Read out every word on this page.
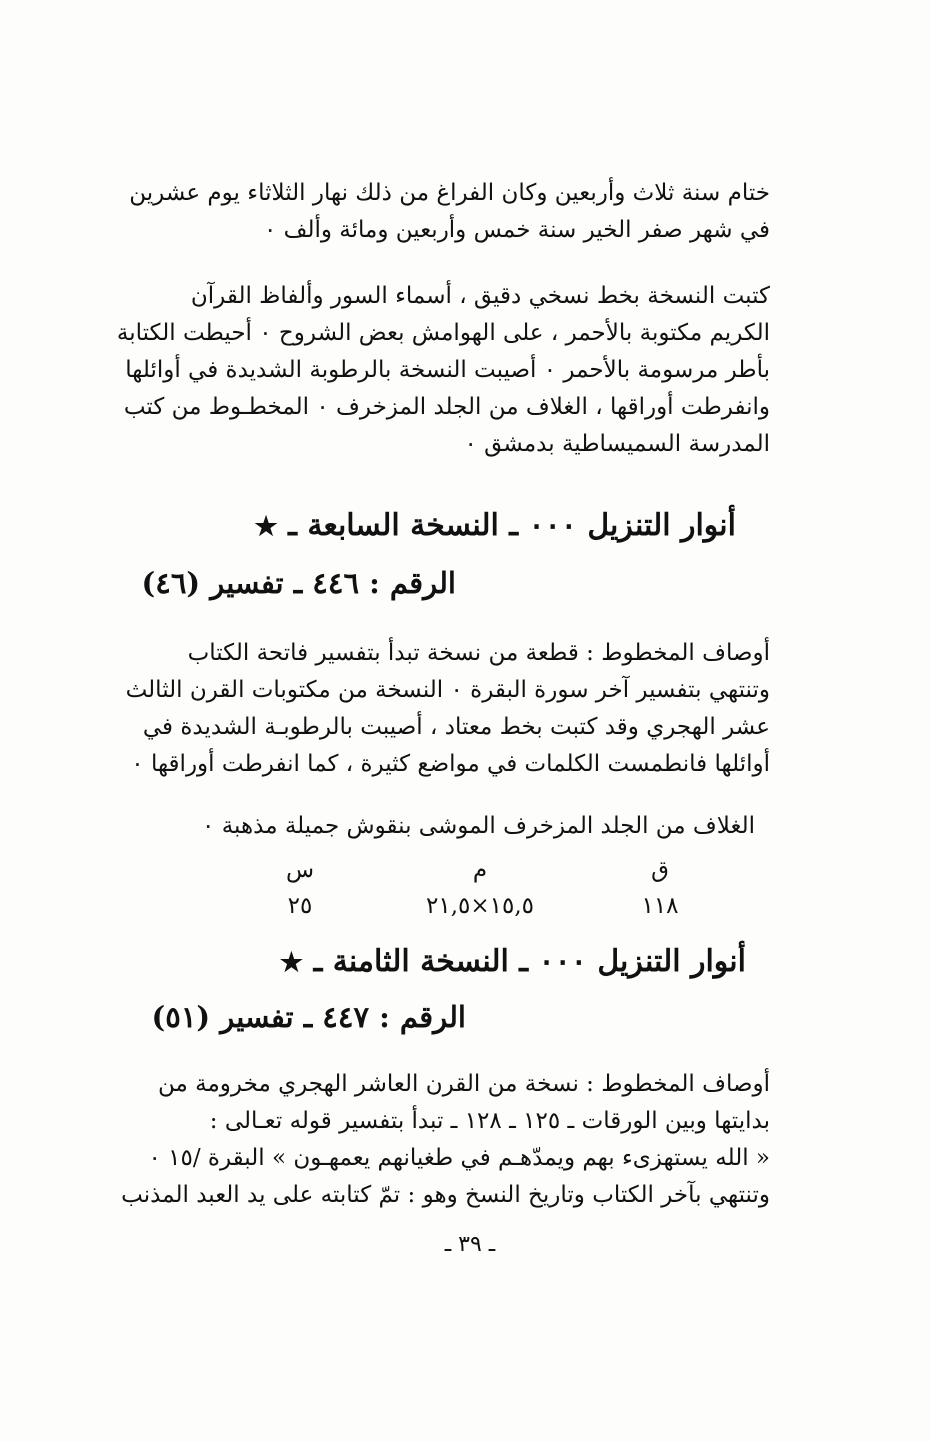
ختام سنة ثلاث وأربعين وكان الفراغ من ذلك نهار الثلاثاء يوم عشرين
في شهر صفر الخير سنة خمس وأربعين ومائة وألف ٠
كتبت النسخة بخط نسخي دقيق ، أسماء السور وألفاظ القرآن
الكريم مكتوبة بالأحمر ، على الهوامش بعض الشروح ٠ أحيطت الكتابة
بأطر مرسومة بالأحمر ٠ أصيبت النسخة بالرطوبة الشديدة في أوائلها
وانفرطت أوراقها ، الغلاف من الجلد المزخرف ٠ المخطـوط من كتب
المدرسة السميساطية بدمشق ٠
أنوار التنزيل ٠٠٠ ـ النسخة السابعة ـ ★
الرقم : ٤٤٦ ـ تفسير (٤٦)
أوصاف المخطوط : قطعة من نسخة تبدأ بتفسير فاتحة الكتاب
وتنتهي بتفسير آخر سورة البقرة ٠ النسخة من مكتوبات القرن الثالث
عشر الهجري وقد كتبت بخط معتاد ، أصيبت بالرطوبـة الشديدة في
أوائلها فانطمست الكلمات في مواضع كثيرة ، كما انفرطت أوراقها ٠
الغلاف من الجلد المزخرف الموشى بنقوش جميلة مذهبة ٠
ق
م
س
١١٨
١٥,٥×٢١,٥
٢٥
أنوار التنزيل ٠٠٠ ـ النسخة الثامنة ـ ★
الرقم : ٤٤٧ ـ تفسير (٥١)
أوصاف المخطوط : نسخة من القرن العاشر الهجري مخرومة من
بدايتها وبين الورقات ـ ١٢٥ ـ ١٢٨ ـ تبدأ بتفسير قوله تعـالى :
« الله يستهزىء بهم ويمدّهـم في طغيانهم يعمهـون » البقرة /١٥ ٠
وتنتهي بآخر الكتاب وتاريخ النسخ وهو : تمّ كتابته على يد العبد المذنب
ـ ٣٩ ـ
